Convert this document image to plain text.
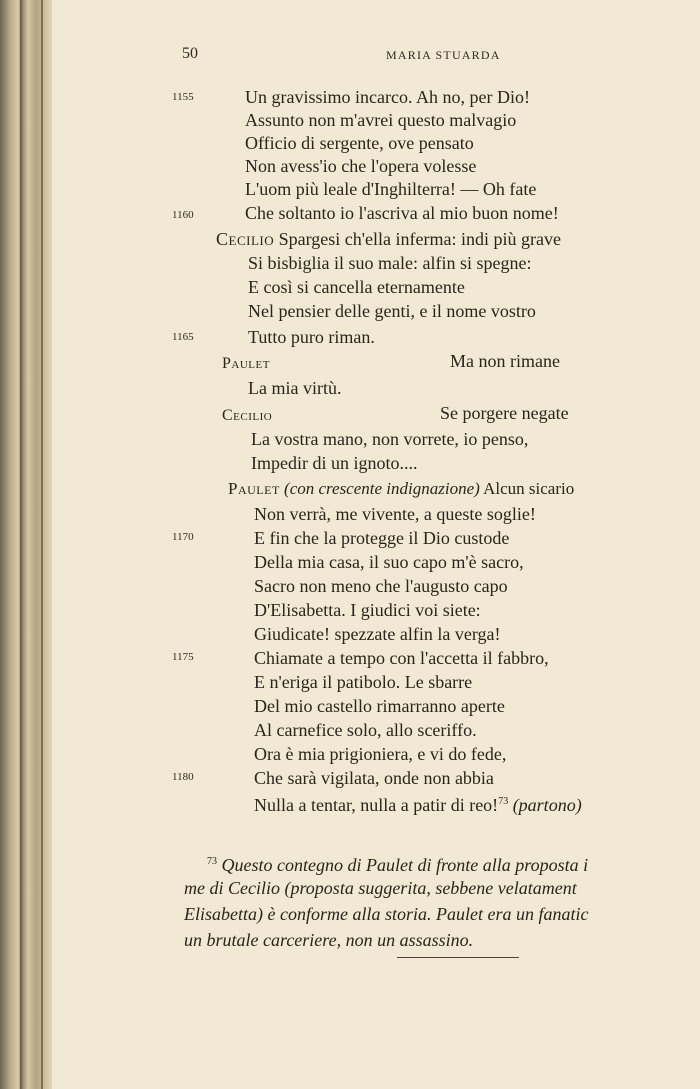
50	MARIA STUARDA
1155
1160
1165
1170
1175
1180
Un gravissimo incarco. Ah no, per Dio!
Assunto non m'avrei questo malvagio
Officio di sergente, ove pensato
Non avess'io che l'opera volesse
L'uom più leale d'Inghilterra! — Oh fate
Che soltanto io l'ascriva al mio buon nome!
Cecilio Spargesi ch'ella inferma: indi più grave
Si bisbiglia il suo male: alfin si spegne:
E così si cancella eternamente
Nel pensier delle genti, e il nome vostro
Tutto puro riman.
Paulet	Ma non rimane
La mia virtù.
Cecilio	Se porgere negate
La vostra mano, non vorrete, io penso,
Impedir di un ignoto....
Paulet (con crescente indignazione) Alcun sicario
Non verrà, me vivente, a queste soglie!
E fin che la protegge il Dio custode
Della mia casa, il suo capo m'è sacro,
Sacro non meno che l'augusto capo
D'Elisabetta. I giudici voi siete:
Giudicate! spezzate alfin la verga!
Chiamate a tempo con l'accetta il fabbro,
E n'eriga il patibolo. Le sbarre
Del mio castello rimarranno aperte
Al carnefice solo, allo sceriffo.
Ora è mia prigioniera, e vi do fede,
Che sarà vigilata, onde non abbia
Nulla a tentar, nulla a patir di reo!$^{73}$ (partono)
$^{73}$ Questo contegno di Paulet di fronte alla proposta i
me di Cecilio (proposta suggerita, sebbene velatament
Elisabetta) è conforme alla storia. Paulet era un fanatic
un brutale carceriere, non un assassino.
